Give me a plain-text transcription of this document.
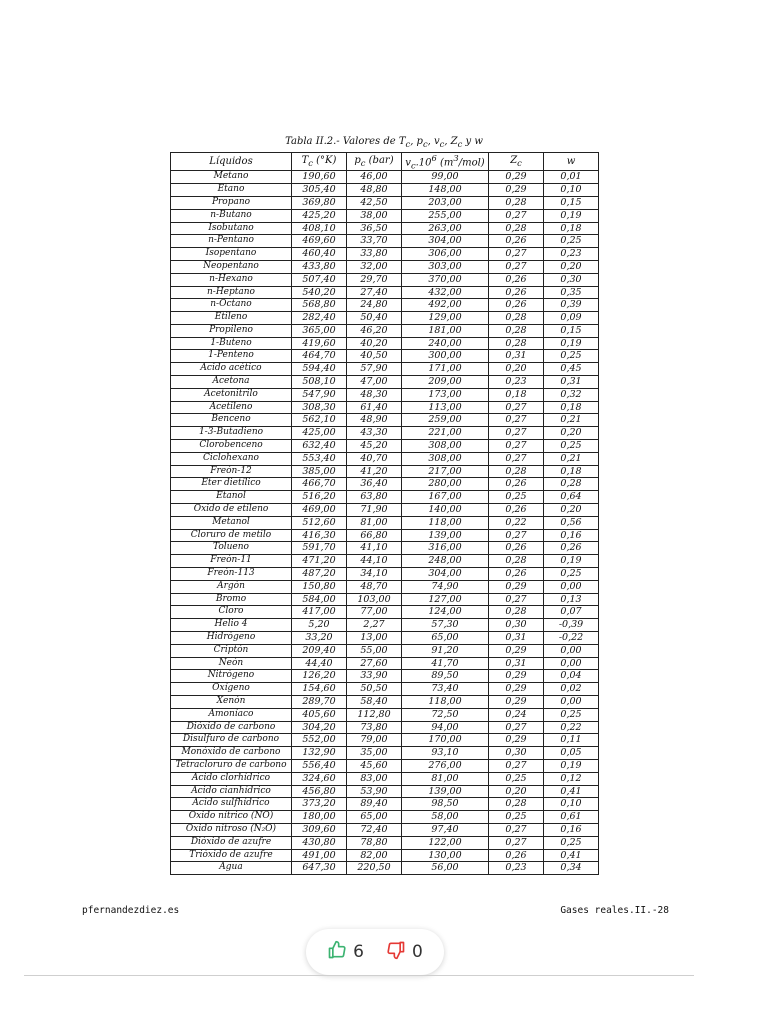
Tabla II.2.- Valores de $T_c$, $p_c$, $v_c$, $Z_c$ y w
Líquidos	$T_c$ (°K)	$p_c$ (bar)	$v_c.10^6$ $(m^3/mol)$	$Z_c$	w
Metano	190,60	46,00	99,00	0,29	0,01
Etano	305,40	48,80	148,00	0,29	0,10
Propano	369,80	42,50	203,00	0,28	0,15
n-Butano	425,20	38,00	255,00	0,27	0,19
Isobutano	408,10	36,50	263,00	0,28	0,18
n-Pentano	469,60	33,70	304,00	0,26	0,25
Isopentano	460,40	33,80	306,00	0,27	0,23
Neopentano	433,80	32,00	303,00	0,27	0,20
n-Hexano	507,40	29,70	370,00	0,26	0,30
n-Heptano	540,20	27,40	432,00	0,26	0,35
n-Octano	568,80	24,80	492,00	0,26	0,39
Etileno	282,40	50,40	129,00	0,28	0,09
Propileno	365,00	46,20	181,00	0,28	0,15
1-Buteno	419,60	40,20	240,00	0,28	0,19
1-Penteno	464,70	40,50	300,00	0,31	0,25
Ácido acético	594,40	57,90	171,00	0,20	0,45
Acetona	508,10	47,00	209,00	0,23	0,31
Acetonitrilo	547,90	48,30	173,00	0,18	0,32
Acetileno	308,30	61,40	113,00	0,27	0,18
Benceno	562,10	48,90	259,00	0,27	0,21
1-3-Butadieno	425,00	43,30	221,00	0,27	0,20
Clorobenceno	632,40	45,20	308,00	0,27	0,25
Ciclohexano	553,40	40,70	308,00	0,27	0,21
Freón-12	385,00	41,20	217,00	0,28	0,18
Eter dietílico	466,70	36,40	280,00	0,26	0,28
Etanol	516,20	63,80	167,00	0,25	0,64
Oxido de etileno	469,00	71,90	140,00	0,26	0,20
Metanol	512,60	81,00	118,00	0,22	0,56
Cloruro de metilo	416,30	66,80	139,00	0,27	0,16
Tolueno	591,70	41,10	316,00	0,26	0,26
Freón-11	471,20	44,10	248,00	0,28	0,19
Freón-113	487,20	34,10	304,00	0,26	0,25
Argón	150,80	48,70	74,90	0,29	0,00
Bromo	584,00	103,00	127,00	0,27	0,13
Cloro	417,00	77,00	124,00	0,28	0,07
Helio 4	5,20	2,27	57,30	0,30	-0,39
Hidrógeno	33,20	13,00	65,00	0,31	-0,22
Criptón	209,40	55,00	91,20	0,29	0,00
Neón	44,40	27,60	41,70	0,31	0,00
Nitrógeno	126,20	33,90	89,50	0,29	0,04
Oxígeno	154,60	50,50	73,40	0,29	0,02
Xenón	289,70	58,40	118,00	0,29	0,00
Amoníaco	405,60	112,80	72,50	0,24	0,25
Dióxido de carbono	304,20	73,80	94,00	0,27	0,22
Disulfuro de carbono	552,00	79,00	170,00	0,29	0,11
Monóxido de carbono	132,90	35,00	93,10	0,30	0,05
Tetracloruro de carbono	556,40	45,60	276,00	0,27	0,19
Acido clorhídrico	324,60	83,00	81,00	0,25	0,12
Acido cianhídrico	456,80	53,90	139,00	0,20	0,41
Acido sulfhídrico	373,20	89,40	98,50	0,28	0,10
Oxido nítrico (NO)	180,00	65,00	58,00	0,25	0,61
Oxido nitroso (N₂O)	309,60	72,40	97,40	0,27	0,16
Dióxido de azufre	430,80	78,80	122,00	0,27	0,25
Trióxido de azufre	491,00	82,00	130,00	0,26	0,41
Agua	647,30	220,50	56,00	0,23	0,34
pfernandezdiez.es	Gases reales.II.-28
6	0
